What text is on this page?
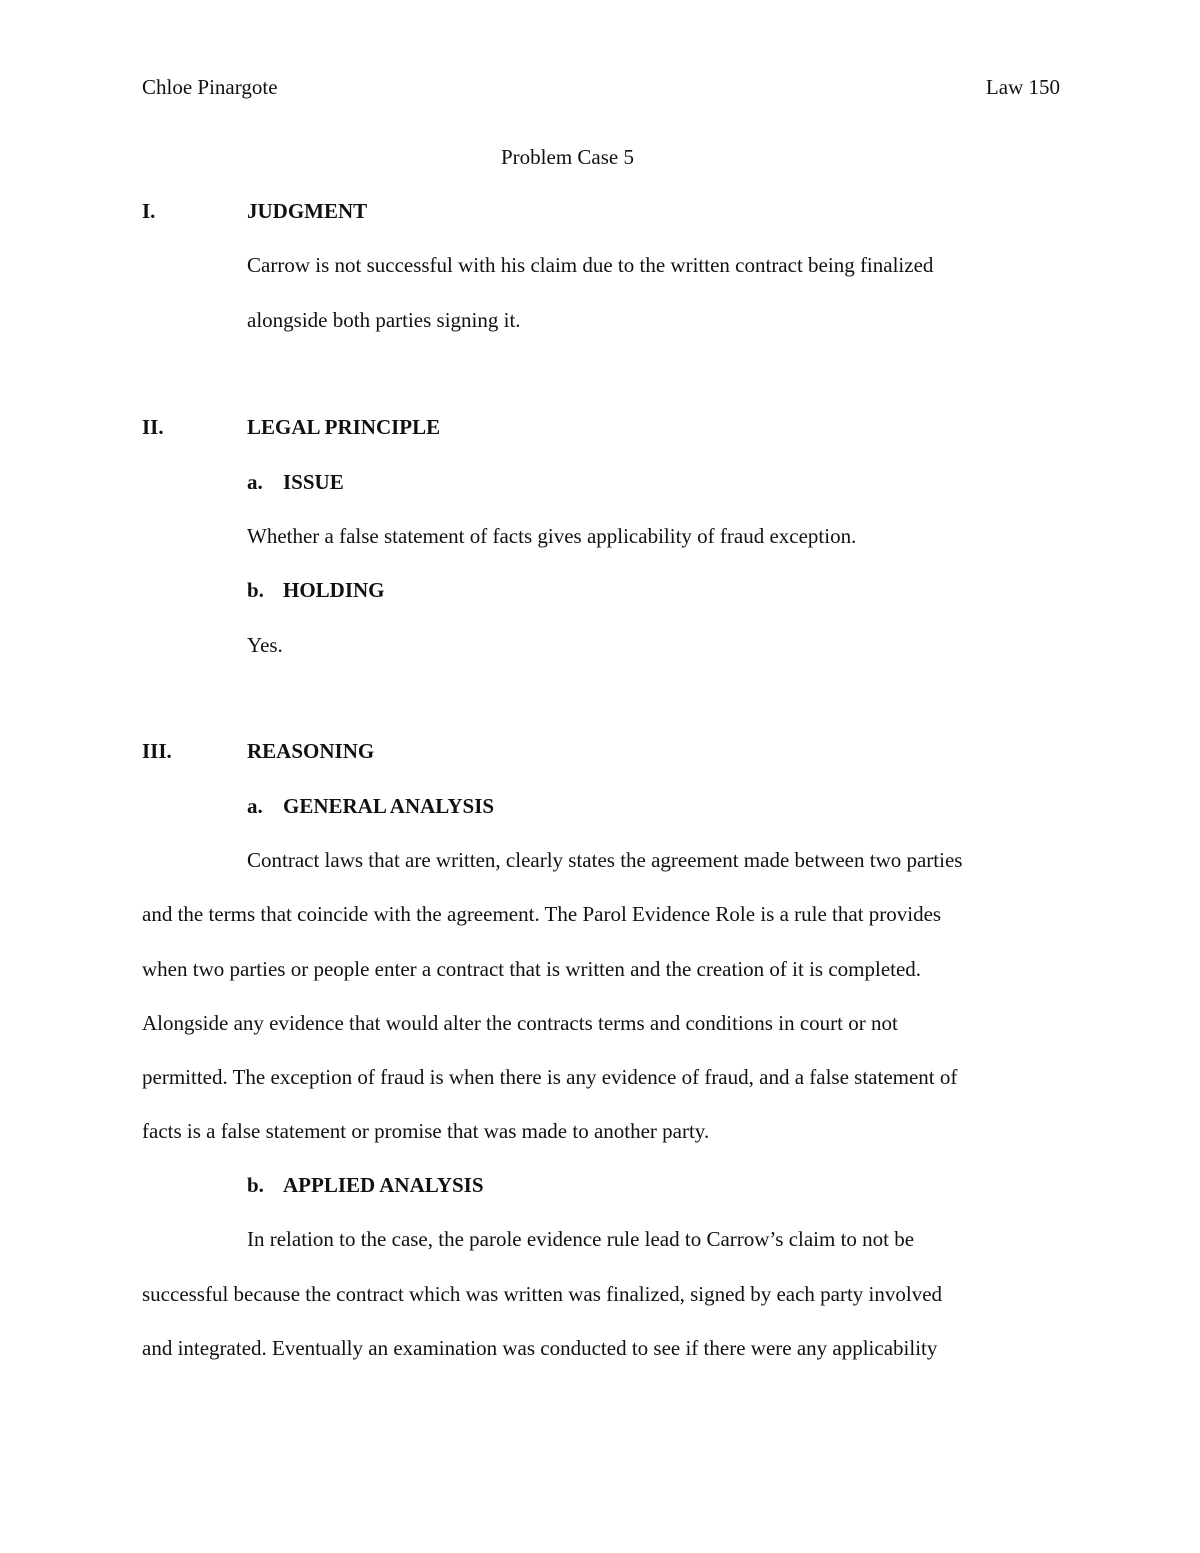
Chloe Pinargote	Law 150
Problem Case 5
I.	JUDGMENT
Carrow is not successful with his claim due to the written contract being finalized
alongside both parties signing it.
II.	LEGAL PRINCIPLE
a. ISSUE
Whether a false statement of facts gives applicability of fraud exception.
b. HOLDING
Yes.
III.	REASONING
a. GENERAL ANALYSIS
Contract laws that are written, clearly states the agreement made between two parties
and the terms that coincide with the agreement. The Parol Evidence Role is a rule that provides
when two parties or people enter a contract that is written and the creation of it is completed.
Alongside any evidence that would alter the contracts terms and conditions in court or not
permitted. The exception of fraud is when there is any evidence of fraud, and a false statement of
facts is a false statement or promise that was made to another party.
b. APPLIED ANALYSIS
In relation to the case, the parole evidence rule lead to Carrow’s claim to not be
successful because the contract which was written was finalized, signed by each party involved
and integrated. Eventually an examination was conducted to see if there were any applicability
